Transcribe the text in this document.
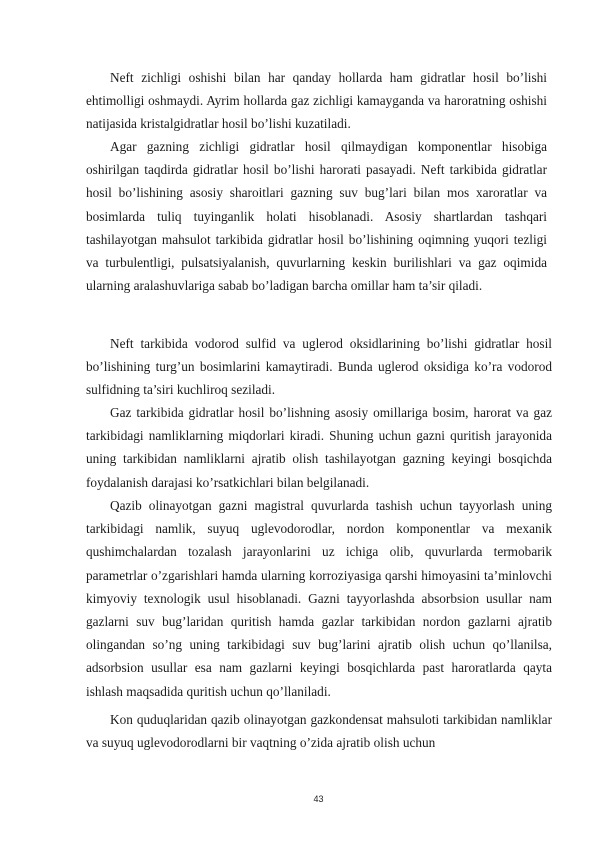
Neft zichligi oshishi bilan har qanday hollarda ham gidratlar hosil bo’lishi ehtimolligi oshmaydi. Ayrim hollarda gaz zichligi kamayganda va haroratning oshishi natijasida kristalgidratlar hosil bo’lishi kuzatiladi.

Agar gazning zichligi gidratlar hosil qilmaydigan komponentlar hisobiga oshirilgan taqdirda gidratlar hosil bo’lishi harorati pasayadi. Neft tarkibida gidratlar hosil bo’lishining asosiy sharoitlari gazning suv bug’lari bilan mos xaroratlar va bosimlarda tuliq tuyinganlik holati hisoblanadi. Asosiy shartlardan tashqari tashilayotgan mahsulot tarkibida gidratlar hosil bo’lishining oqimning yuqori tezligi va turbulentligi, pulsatsiyalanish, quvurlarning keskin burilishlari va gaz oqimida ularning aralashuvlariga sabab bo’ladigan barcha omillar ham ta’sir qiladi.

Neft tarkibida vodorod sulfid va uglerod oksidlarining bo’lishi gidratlar hosil bo’lishining turg’un bosimlarini kamaytiradi. Bunda uglerod oksidiga ko’ra vodorod sulfidning ta’siri kuchliroq seziladi.

Gaz tarkibida gidratlar hosil bo’lishning asosiy omillariga bosim, harorat va gaz tarkibidagi namliklarning miqdorlari kiradi. Shuning uchun gazni quritish jarayonida uning tarkibidan namliklarni ajratib olish tashilayotgan gazning keyingi bosqichda foydalanish darajasi ko’rsatkichlari bilan belgilanadi.

Qazib olinayotgan gazni magistral quvurlarda tashish uchun tayyorlash uning tarkibidagi namlik, suyuq uglevodorodlar, nordon komponentlar va mexanik qushimchalardan tozalash jarayonlarini uz ichiga olib, quvurlarda termobarik parametrlar o’zgarishlari hamda ularning korroziyasiga qarshi himoyasini ta’minlovchi kimyoviy texnologik usul hisoblanadi. Gazni tayyorlashda absorbsion usullar nam gazlarni suv bug’laridan quritish hamda gazlar tarkibidan nordon gazlarni ajratib olingandan so’ng uning tarkibidagi suv bug’larini ajratib olish uchun qo’llanilsa, adsorbsion usullar esa nam gazlarni keyingi bosqichlarda past haroratlarda qayta ishlash maqsadida quritish uchun qo’llaniladi.

Kon quduqlaridan qazib olinayotgan gazkondensat mahsuloti tarkibidan namliklar va suyuq uglevodorodlarni bir vaqtning o’zida ajratib olish uchun

43
